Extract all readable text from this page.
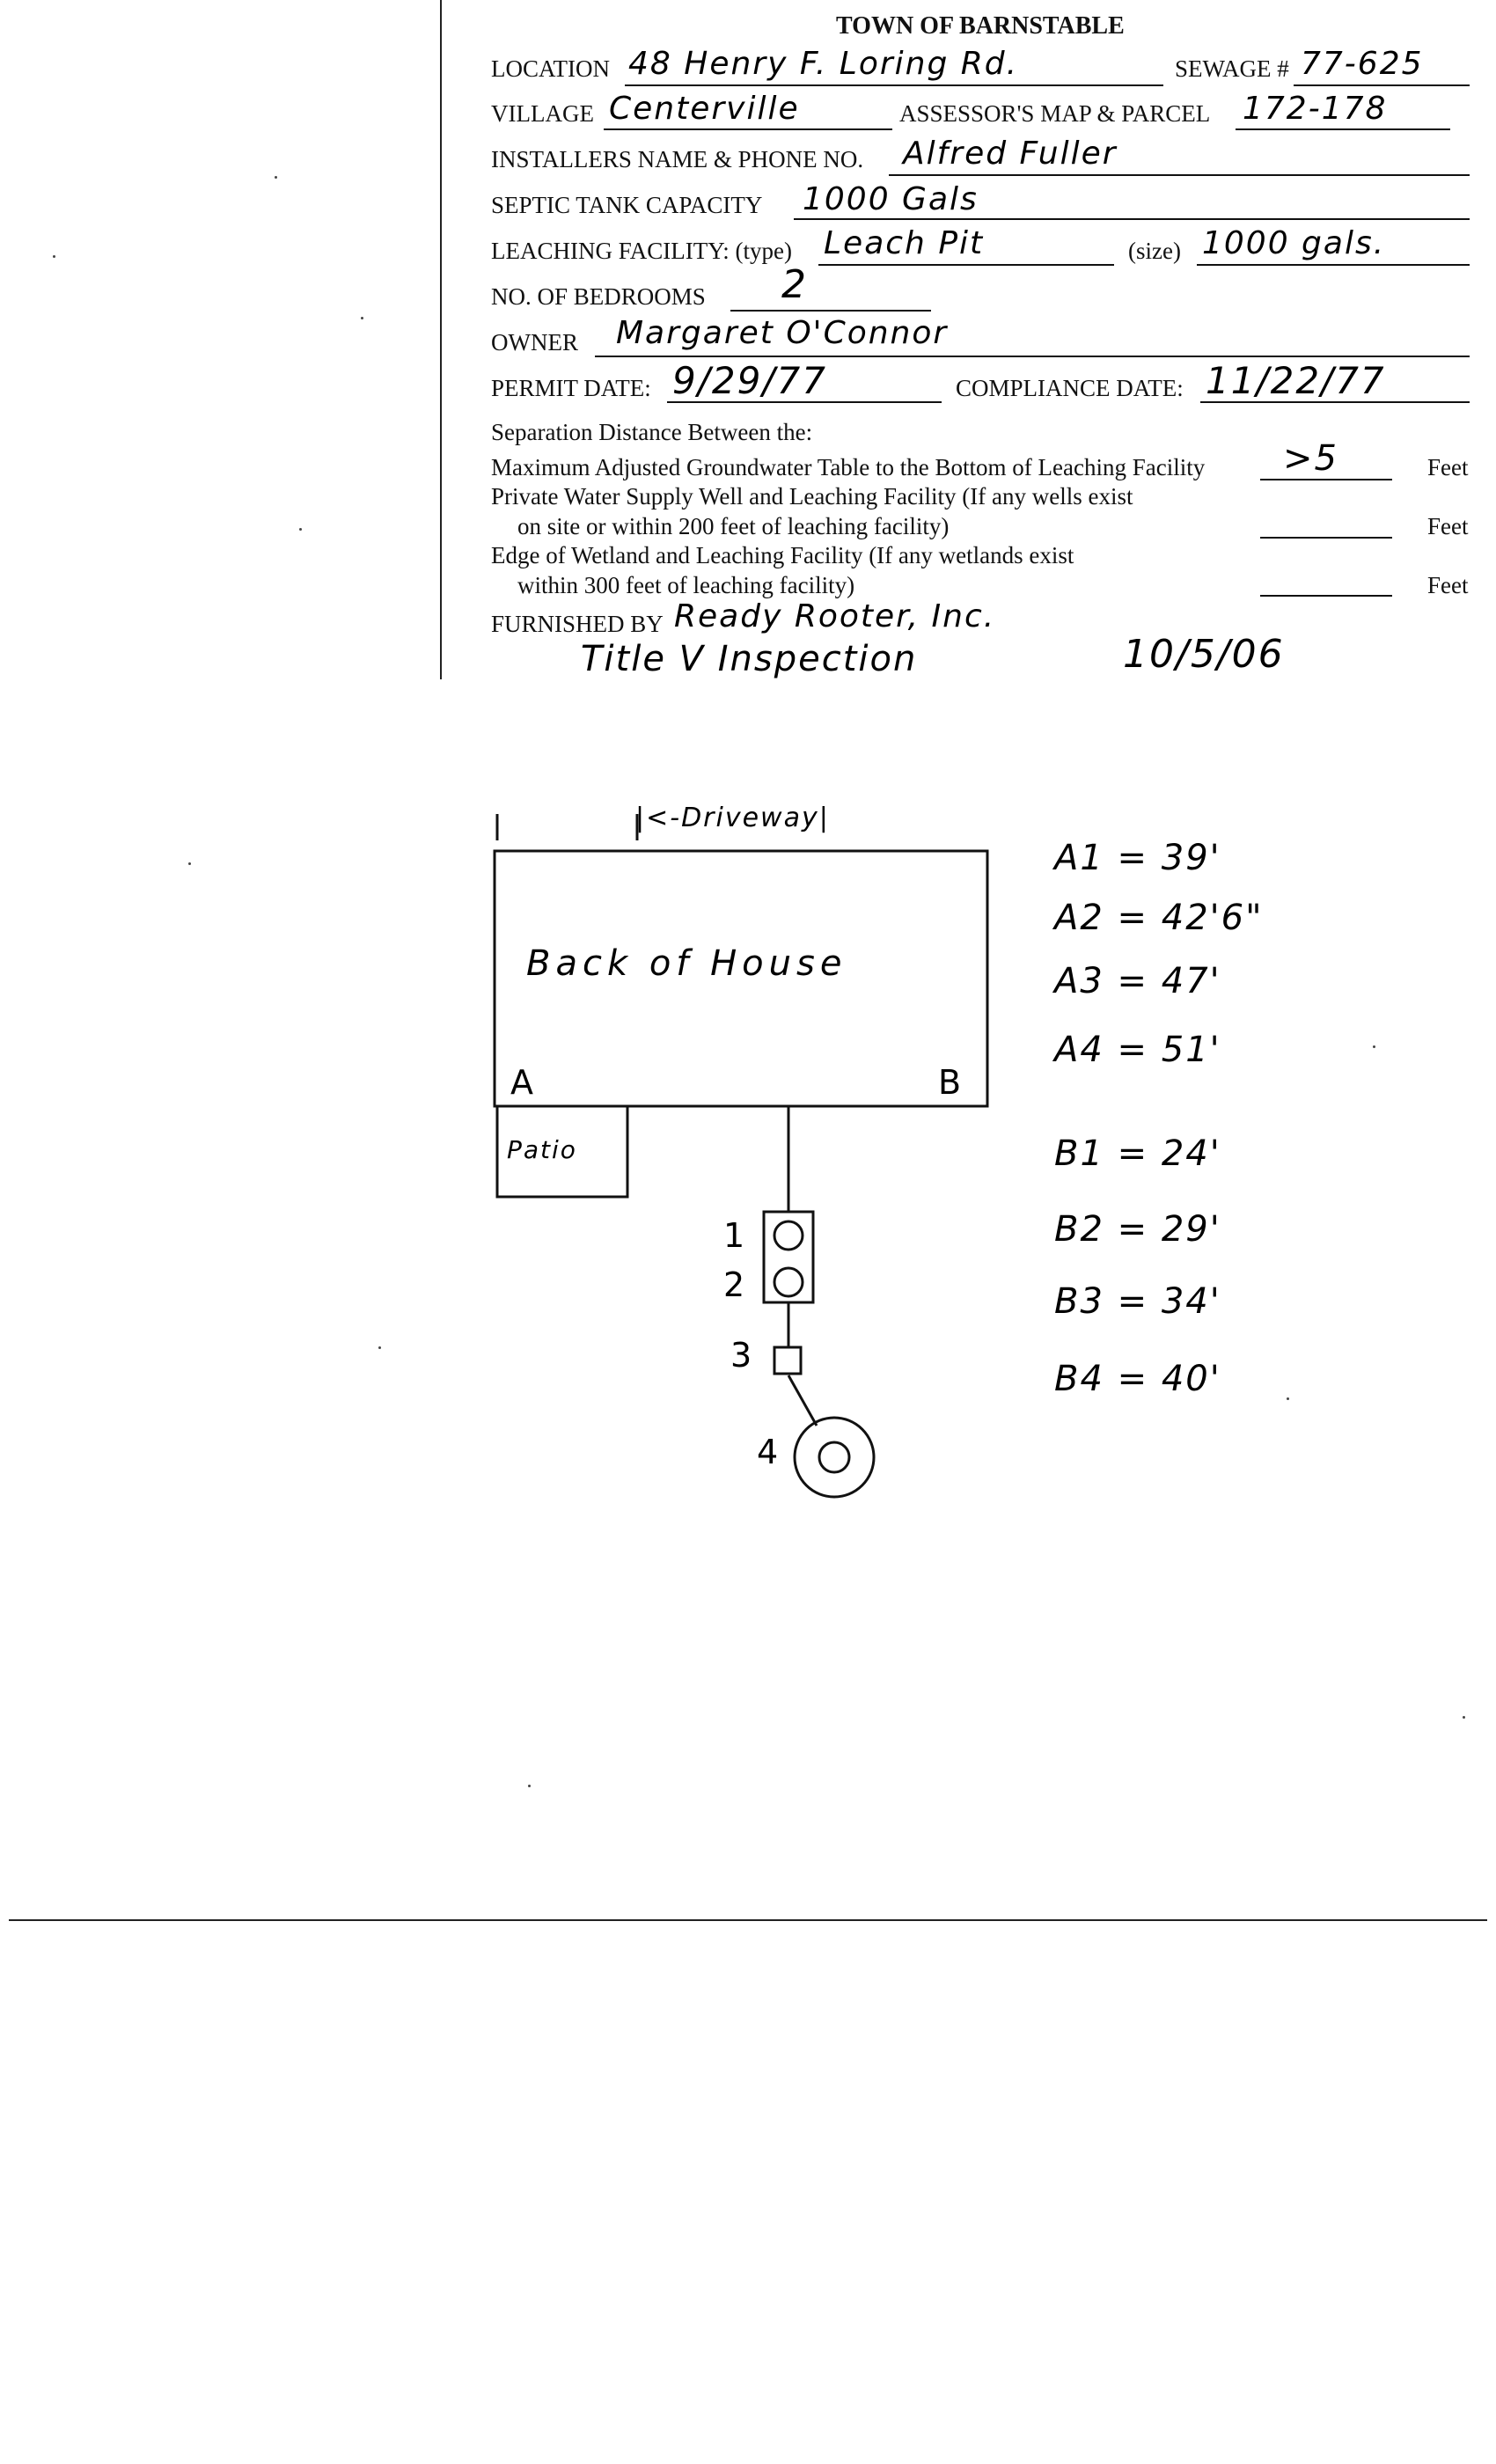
TOWN OF BARNSTABLE
LOCATION 48 Henry F. Loring Rd.	SEWAGE # 77-625
VILLAGE Centerville	ASSESSOR'S MAP & PARCEL 172-178
INSTALLERS NAME & PHONE NO. Alfred Fuller
SEPTIC TANK CAPACITY 1000 Gals
LEACHING FACILITY: (type) Leach Pit	(size) 1000 gals.
NO. OF BEDROOMS 2
OWNER Margaret O'Connor
PERMIT DATE: 9/29/77	COMPLIANCE DATE: 11/22/77
Separation Distance Between the:
Maximum Adjusted Groundwater Table to the Bottom of Leaching Facility >5	Feet
Private Water Supply Well and Leaching Facility (If any wells exist
on site or within 200 feet of leaching facility)	Feet
Edge of Wetland and Leaching Facility (If any wetlands exist
within 300 feet of leaching facility)	Feet
FURNISHED BY Ready Rooter, Inc.
Title V Inspection	10/5/06
|<-Driveway|
Back of House
A	B
Patio
1
2
3
4
A1 = 39'
A2 = 42'6"
A3 = 47'
A4 = 51'
B1 = 24'
B2 = 29'
B3 = 34'
B4 = 40'
